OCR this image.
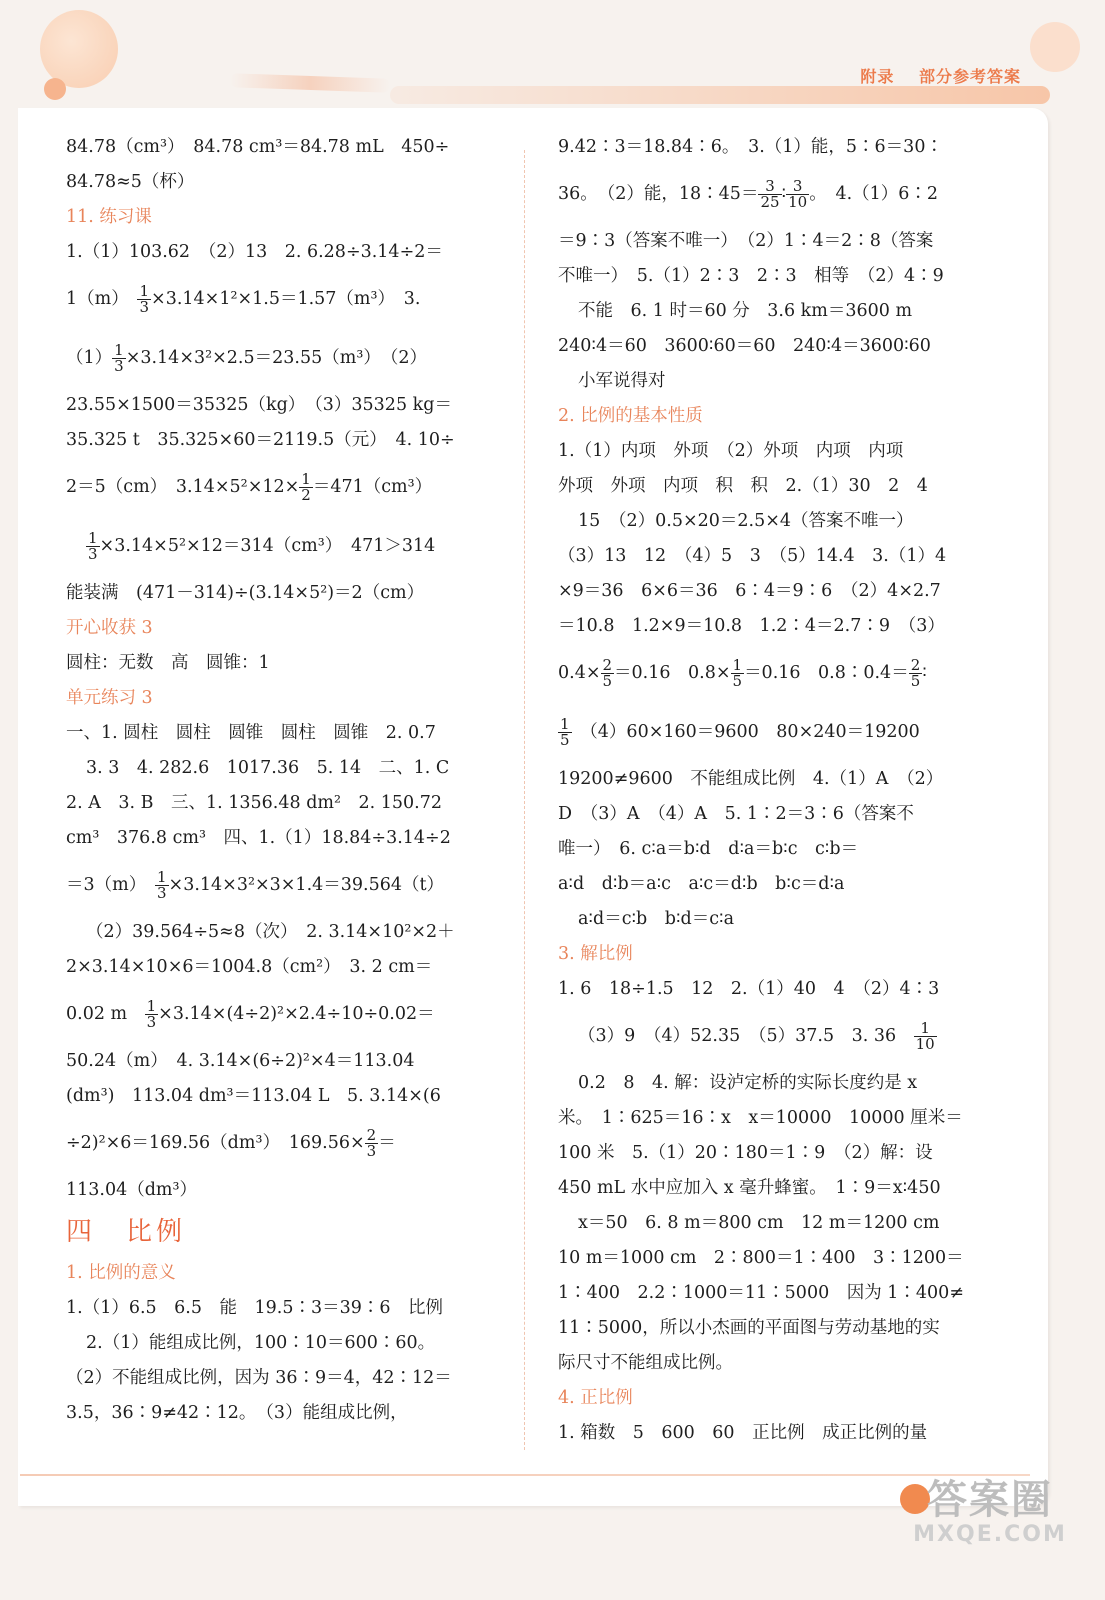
附录 部分参考答案
84.78（cm³）　84.78 cm³＝84.78 mL　450÷
84.78≈5（杯）
11. 练习课
1.（1）103.62　（2）13　2. 6.28÷3.14÷2＝
1（m）　 $\frac{1}{3} \times 3.14\times 1^2\times 1.5=1.57(m^3)$　3.
$(1) \frac{1}{3} \times 3.14\times 3^2\times 2.5=23.55(m^3)$　（2）
23.55×1500＝35325（kg）　（3）35325 kg＝
35.325 t　35.325×60＝2119.5（元）　4. 10÷
2＝5（cm）　$3.14\times 5^2\times 12\times \frac{1}{2} =471(cm^3)$
$\frac{1}{3} \times 3.14\times 5^2\times 12=314(cm^3)$　471＞314
能装满　(471－314)÷(3.14×5²)＝2（cm）
开心收获 3
圆柱：无数　高　圆锥：1
单元练习 3
一、1. 圆柱　圆柱　圆锥　圆柱　圆锥　2. 0.7
3. 3　4. 282.6　1017.36　5. 14　二、1. C
2. A　3. B　三、1. 1356.48 dm²　2. 150.72
cm³　376.8 cm³　四、1.（1）18.84÷3.14÷2
＝3（m）　 $\frac{1}{3} \times 3.14\times 3^2\times 3\times 1.4=39.564(t)$
（2）39.564÷5≈8（次）　2. 3.14×10²×2＋
2×3.14×10×6＝1004.8（cm²）　3. 2 cm＝
0.02 m　 $\frac{1}{3} \times 3.14\times(4\div 2)^2\times 2.4\div 10\div 0.02=$
50.24（m）　4. 3.14×(6÷2)²×4＝113.04
(dm³)　113.04 dm³＝113.04 L　5. 3.14×(6
÷2)²×6＝169.56（dm³）　$169.56\times \frac{2}{3}$ ＝
113.04（dm³）
四　比例
1. 比例的意义
1.（1）6.5　6.5　能　19.5∶3＝39∶6　比例
2.（1）能组成比例，100∶10＝600∶60。
（2）不能组成比例，因为 36∶9＝4，42∶12＝
3.5，36∶9≠42∶12。　（3）能组成比例，
9.42∶3＝18.84∶6。　3.（1）能，5∶6＝30∶
36。　（2）能，18∶45＝ $\frac{3}{25}$ ∶ $\frac{3}{10}$ 。　4.（1）6∶2
＝9∶3（答案不唯一）　（2）1∶4＝2∶8（答案
不唯一）　5.（1）2∶3　2∶3　相等　（2）4∶9
不能　6. 1 时＝60 分　3.6 km＝3600 m
240∶4＝60　3600∶60＝60　240∶4＝3600∶60
小军说得对
2. 比例的基本性质
1.（1）内项　外项　（2）外项　内项　内项
外项　外项　内项　积　积　2.（1）30　2　4
15　（2）0.5×20＝2.5×4（答案不唯一）
（3）13　12　（4）5　3　（5）14.4　3.（1）4
×9＝36　6×6＝36　6∶4＝9∶6　（2）4×2.7
＝10.8　1.2×9＝10.8　1.2∶4＝2.7∶9　（3）
$0.4\times \frac{2}{5} =0.16$　$0.8\times \frac{1}{5} =0.16$　0.8∶0.4＝ $\frac{2}{5}$ ∶
$\frac{1}{5}$ 　（4）60×160＝9600　80×240＝19200
19200≠9600　不能组成比例　4.（1）A　（2）
D　（3）A　（4）A　5. 1∶2＝3∶6（答案不
唯一）　6. c∶a＝b∶d　d∶a＝b∶c　c∶b＝
a∶d　d∶b＝a∶c　a∶c＝d∶b　b∶c＝d∶a
a∶d＝c∶b　b∶d＝c∶a
3. 解比例
1. 6　18÷1.5　12　2.（1）40　4　（2）4∶3
（3）9　（4）52.35　（5）37.5　3. 36　 $\frac{1}{10}$
0.2　8　4. 解：设泸定桥的实际长度约是 x
米。　1∶625＝16∶x　x＝10000　10000 厘米＝
100 米　5.（1）20∶180＝1∶9　（2）解：设
450 mL 水中应加入 x 毫升蜂蜜。　1∶9＝x∶450
x＝50　6. 8 m＝800 cm　12 m＝1200 cm
10 m＝1000 cm　2∶800＝1∶400　3∶1200＝
1∶400　2.2∶1000＝11∶5000　因为 1∶400≠
11∶5000，所以小杰画的平面图与劳动基地的实
际尺寸不能组成比例。
4. 正比例
1. 箱数　5　600　60　正比例　成正比例的量
答案圈
MXQE.COM
